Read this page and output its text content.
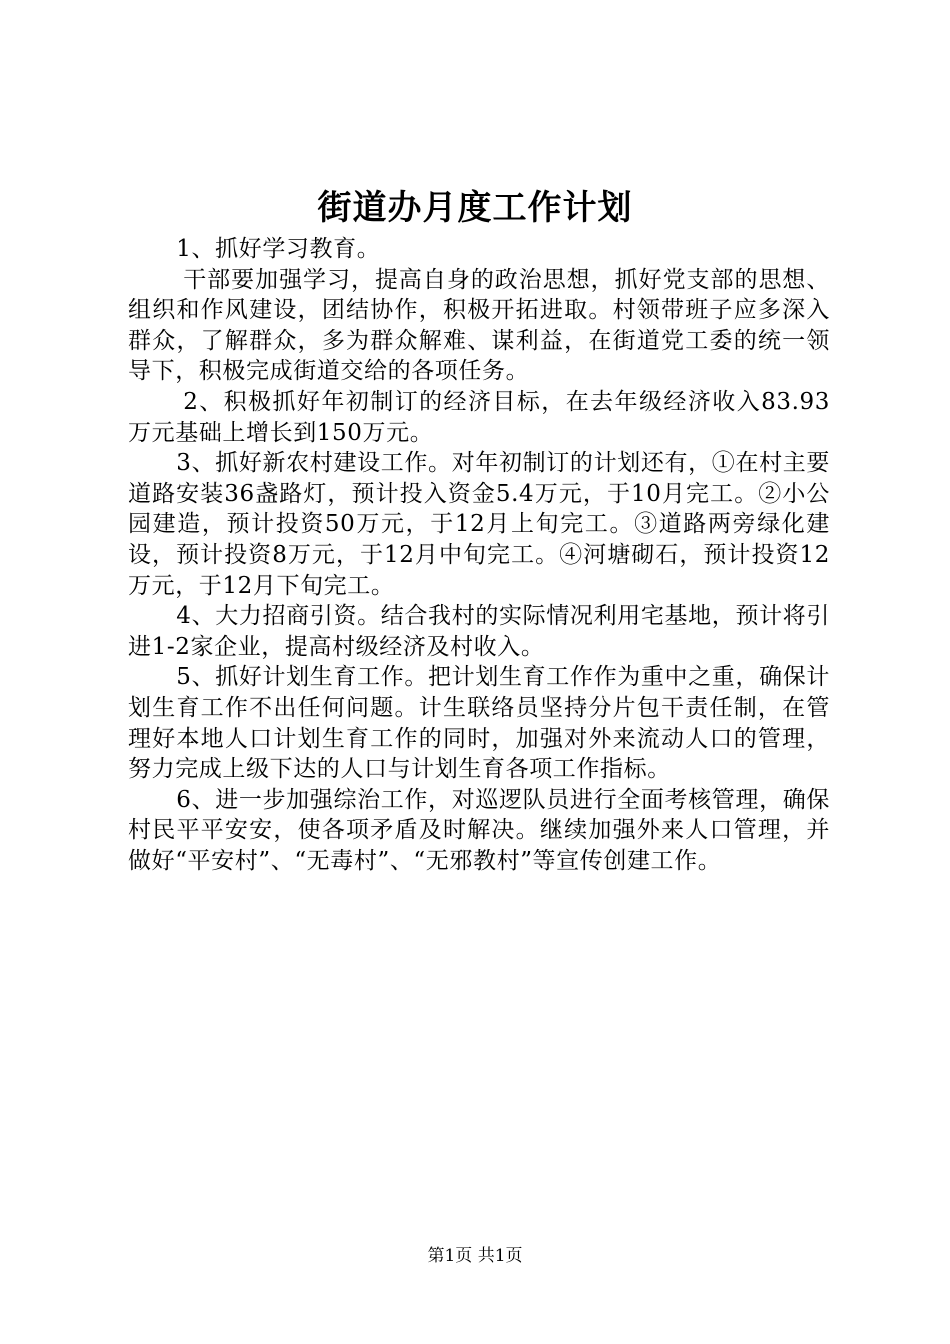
街道办月度工作计划

1、抓好学习教育。

干部要加强学习，提高自身的政治思想，抓好党支部的思想、组织和作风建设，团结协作，积极开拓进取。村领带班子应多深入群众，了解群众，多为群众解难、谋利益，在街道党工委的统一领导下，积极完成街道交给的各项任务。

2、积极抓好年初制订的经济目标，在去年级经济收入83.93万元基础上增长到150万元。

3、抓好新农村建设工作。对年初制订的计划还有，①在村主要道路安装36盏路灯，预计投入资金5.4万元，于10月完工。②小公园建造，预计投资50万元，于12月上旬完工。③道路两旁绿化建设，预计投资8万元，于12月中旬完工。④河塘砌石，预计投资12万元，于12月下旬完工。

4、大力招商引资。结合我村的实际情况利用宅基地，预计将引进1-2家企业，提高村级经济及村收入。

5、抓好计划生育工作。把计划生育工作作为重中之重，确保计划生育工作不出任何问题。计生联络员坚持分片包干责任制，在管理好本地人口计划生育工作的同时，加强对外来流动人口的管理，努力完成上级下达的人口与计划生育各项工作指标。

6、进一步加强综治工作，对巡逻队员进行全面考核管理，确保村民平平安安，使各项矛盾及时解决。继续加强外来人口管理，并做好“平安村”、“无毒村”、“无邪教村”等宣传创建工作。

第1页 共1页
